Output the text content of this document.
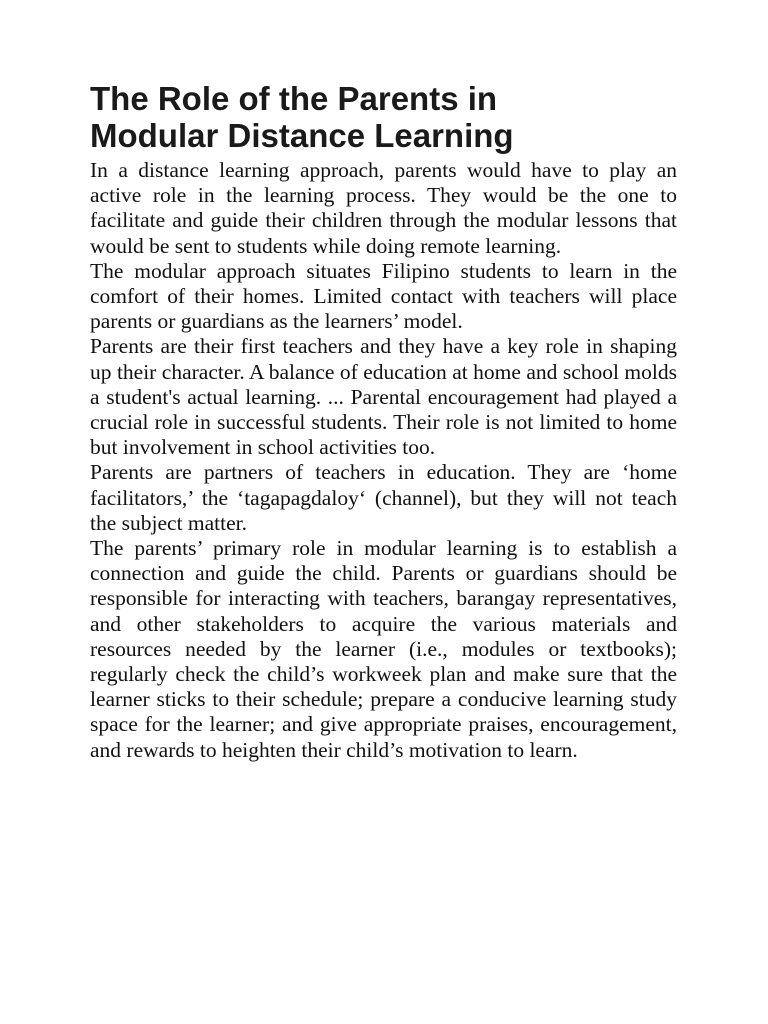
The Role of the Parents in
Modular Distance Learning

In a distance learning approach, parents would have to play an active role in the learning process. They would be the one to facilitate and guide their children through the modular lessons that would be sent to students while doing remote learning.

The modular approach situates Filipino students to learn in the comfort of their homes. Limited contact with teachers will place parents or guardians as the learners’ model.

Parents are their first teachers and they have a key role in shaping up their character. A balance of education at home and school molds a student's actual learning. ... Parental encouragement had played a crucial role in successful students. Their role is not limited to home but involvement in school activities too.

Parents are partners of teachers in education. They are ‘home facilitators,’ the ‘tagapagdaloy‘ (channel), but they will not teach the subject matter.

The parents’ primary role in modular learning is to establish a connection and guide the child. Parents or guardians should be responsible for interacting with teachers, barangay representatives, and other stakeholders to acquire the various materials and resources needed by the learner (i.e., modules or textbooks); regularly check the child’s workweek plan and make sure that the learner sticks to their schedule; prepare a conducive learning study space for the learner; and give appropriate praises, encouragement, and rewards to heighten their child’s motivation to learn.
